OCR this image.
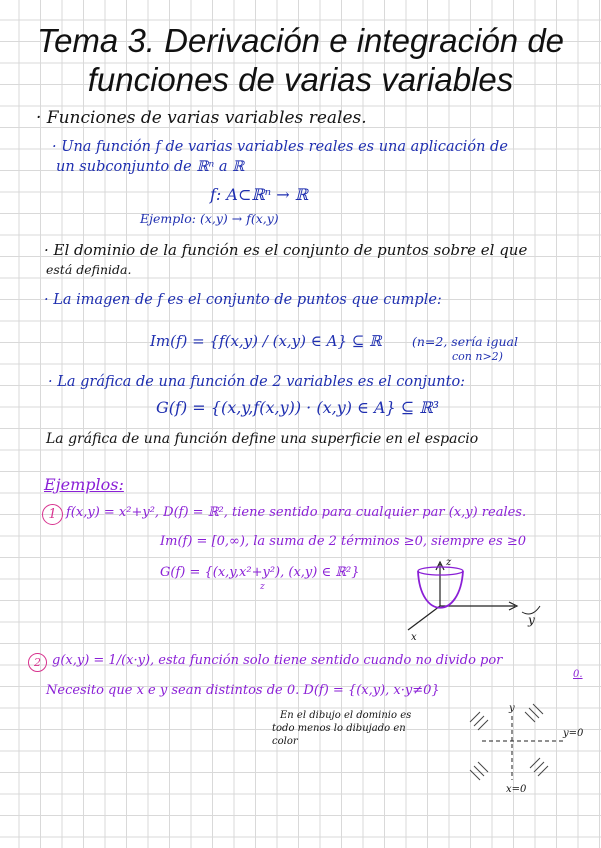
Tema 3. Derivación e integración de
funciones de varias variables
· Funciones de varias variables reales.
· Una función f de varias variables reales es una aplicación de
un subconjunto de ℝⁿ a ℝ
f: A⊂ℝⁿ → ℝ
Ejemplo: (x,y) → f(x,y)
· El dominio de la función es el conjunto de puntos sobre el que
está definida.
· La imagen de f es el conjunto de puntos que cumple:
Im(f) = {f(x,y) / (x,y) ∈ A} ⊆ ℝ (n=2, sería igual
con n>2)
· La gráfica de una función de 2 variables es el conjunto:
G(f) = {(x,y,f(x,y)) · (x,y) ∈ A} ⊆ ℝ³
La gráfica de una función define una superficie en el espacio
Ejemplos:
1 f(x,y) = x²+y², D(f) = ℝ², tiene sentido para cualquier par (x,y) reales.
Im(f) = [0,∞), la suma de 2 términos ≥0, siempre es ≥0
G(f) = {(x,y,x²+y²), (x,y) ∈ ℝ²}
z
z
y
x
2 g(x,y) = 1/(x·y), esta función solo tiene sentido cuando no divido por
0.
Necesito que x e y sean distintos de 0. D(f) = {(x,y), x·y≠0}
En el dibujo el dominio es
todo menos lo dibujado en
color
y
y=0
x=0
